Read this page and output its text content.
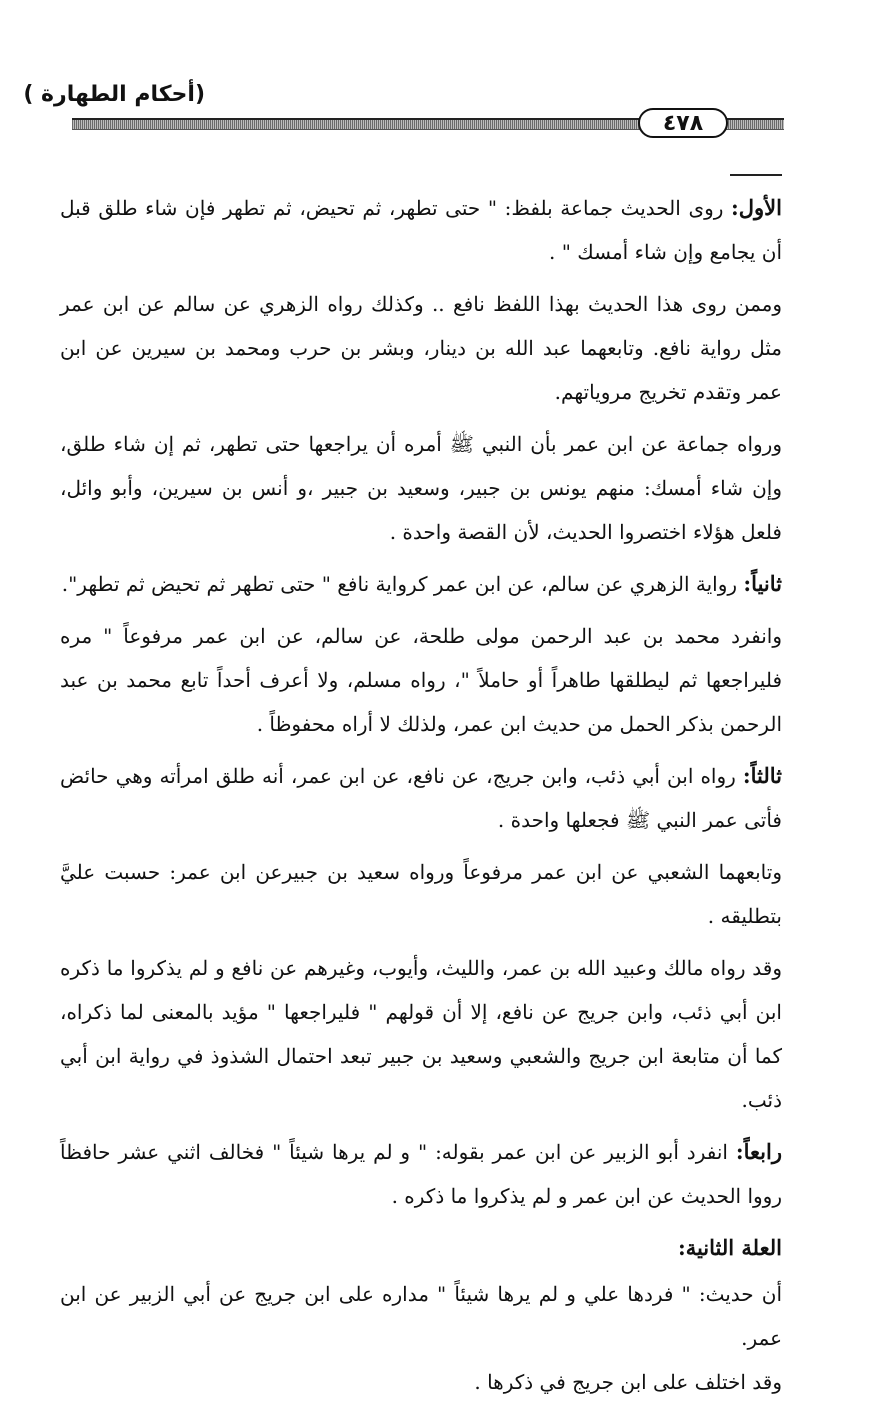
(أحكام الطهارة )
٤٧٨

الأول: روى الحديث جماعة بلفظ: " حتى تطهر، ثم تحيض، ثم تطهر فإن شاء طلق قبل أن يجامع وإن شاء أمسك " .

وممن روى هذا الحديث بهذا اللفظ نافع .. وكذلك رواه الزهري عن سالم عن ابن عمر مثل رواية نافع. وتابعهما عبد الله بن دينار، وبشر بن حرب ومحمد بن سيرين عن ابن عمر وتقدم تخريج مروياتهم.

ورواه جماعة عن ابن عمر بأن النبي ﷺ أمره أن يراجعها حتى تطهر، ثم إن شاء طلق، وإن شاء أمسك: منهم يونس بن جبير، وسعيد بن جبير ،و أنس بن سيرين، وأبو وائل، فلعل هؤلاء اختصروا الحديث، لأن القصة واحدة .

ثانياً: رواية الزهري عن سالم، عن ابن عمر كرواية نافع " حتى تطهر ثم تحيض ثم تطهر".

وانفرد محمد بن عبد الرحمن مولى طلحة، عن سالم، عن ابن عمر مرفوعاً " مره فليراجعها ثم ليطلقها طاهراً أو حاملاً "، رواه مسلم، ولا أعرف أحداً تابع محمد بن عبد الرحمن بذكر الحمل من حديث ابن عمر، ولذلك لا أراه محفوظاً .

ثالثاً: رواه ابن أبي ذئب، وابن جريج، عن نافع، عن ابن عمر، أنه طلق امرأته وهي حائض فأتى عمر النبي ﷺ فجعلها واحدة .

وتابعهما الشعبي عن ابن عمر مرفوعاً ورواه سعيد بن جبيرعن ابن عمر: حسبت عليَّ بتطليقه .

وقد رواه مالك وعبيد الله بن عمر، والليث، وأيوب، وغيرهم عن نافع و لم يذكروا ما ذكره ابن أبي ذئب، وابن جريج عن نافع، إلا أن قولهم " فليراجعها " مؤيد بالمعنى لما ذكراه، كما أن متابعة ابن جريج والشعبي وسعيد بن جبير تبعد احتمال الشذوذ في رواية ابن أبي ذئب.

رابعاً: انفرد أبو الزبير عن ابن عمر بقوله: " و لم يرها شيئاً " فخالف اثني عشر حافظاً رووا الحديث عن ابن عمر و لم يذكروا ما ذكره .

العلة الثانية:

أن حديث: " فردها علي و لم يرها شيئاً " مداره على ابن جريج عن أبي الزبير عن ابن عمر.
وقد اختلف على ابن جريج في ذكرها .
